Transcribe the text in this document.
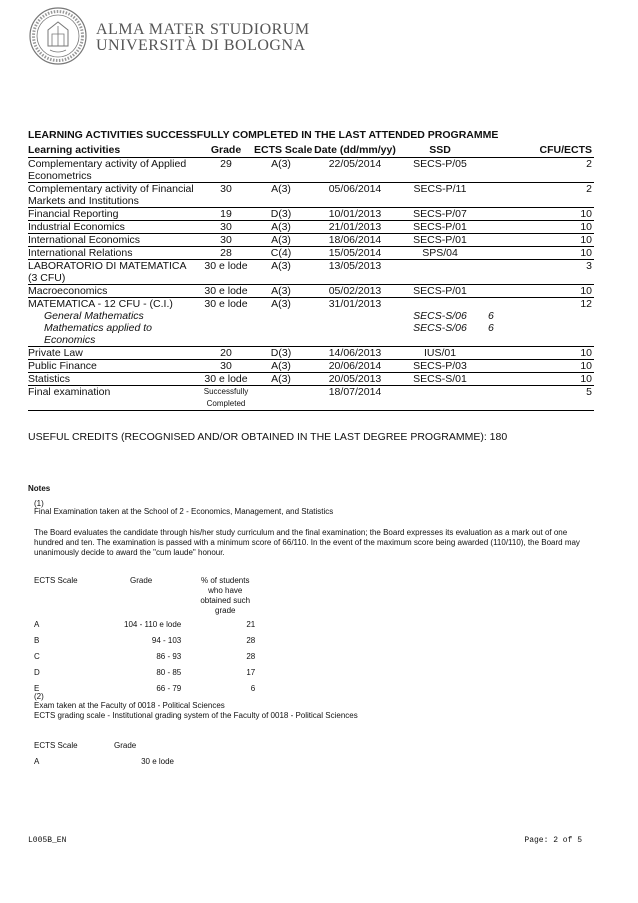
ALMA MATER STUDIORUM
UNIVERSITÀ DI BOLOGNA
LEARNING ACTIVITIES SUCCESSFULLY COMPLETED IN THE LAST ATTENDED PROGRAMME
Learning activities	Grade	ECTS Scale	Date (dd/mm/yy)	SSD	CFU/ECTS
Complementary activity of Applied Econometrics	29	A(3)	22/05/2014	SECS-P/05	2
Complementary activity of Financial Markets and Institutions	30	A(3)	05/06/2014	SECS-P/11	2
Financial Reporting	19	D(3)	10/01/2013	SECS-P/07	10
Industrial Economics	30	A(3)	21/01/2013	SECS-P/01	10
International Economics	30	A(3)	18/06/2014	SECS-P/01	10
International Relations	28	C(4)	15/05/2014	SPS/04	10
LABORATORIO DI MATEMATICA (3 CFU)	30 e lode	A(3)	13/05/2013		3
Macroeconomics	30 e lode	A(3)	05/02/2013	SECS-P/01	10
MATEMATICA - 12 CFU - (C.I.)	30 e lode	A(3)	31/01/2013		12
General Mathematics				SECS-S/06	6
Mathematics applied to Economics				SECS-S/06	6
Private Law	20	D(3)	14/06/2013	IUS/01	10
Public Finance	30	A(3)	20/06/2014	SECS-P/03	10
Statistics	30 e lode	A(3)	20/05/2013	SECS-S/01	10
Final examination	Successfully Completed		18/07/2014		5
USEFUL CREDITS (RECOGNISED AND/OR OBTAINED IN THE LAST DEGREE PROGRAMME): 180
Notes
(1)
Final Examination taken at the School of 2 - Economics, Management, and Statistics
The Board evaluates the candidate through his/her study curriculum and the final examination; the Board expresses its evaluation as a mark out of one hundred and ten. The examination is passed with a minimum score of 66/110. In the event of the maximum score being awarded (110/110), the Board may unanimously decide to award the "cum laude" honour.
ECTS Scale	Grade	% of students who have obtained such grade
A	104 - 110 e lode	21
B	94 - 103	28
C	86 - 93	28
D	80 - 85	17
E	66 - 79	6
(2)
Exam taken at the Faculty of 0018 - Political Sciences
ECTS grading scale - Institutional grading system of the Faculty of 0018 - Political Sciences
ECTS Scale	Grade
A	30 e lode
L005B_EN	Page: 2 of 5
